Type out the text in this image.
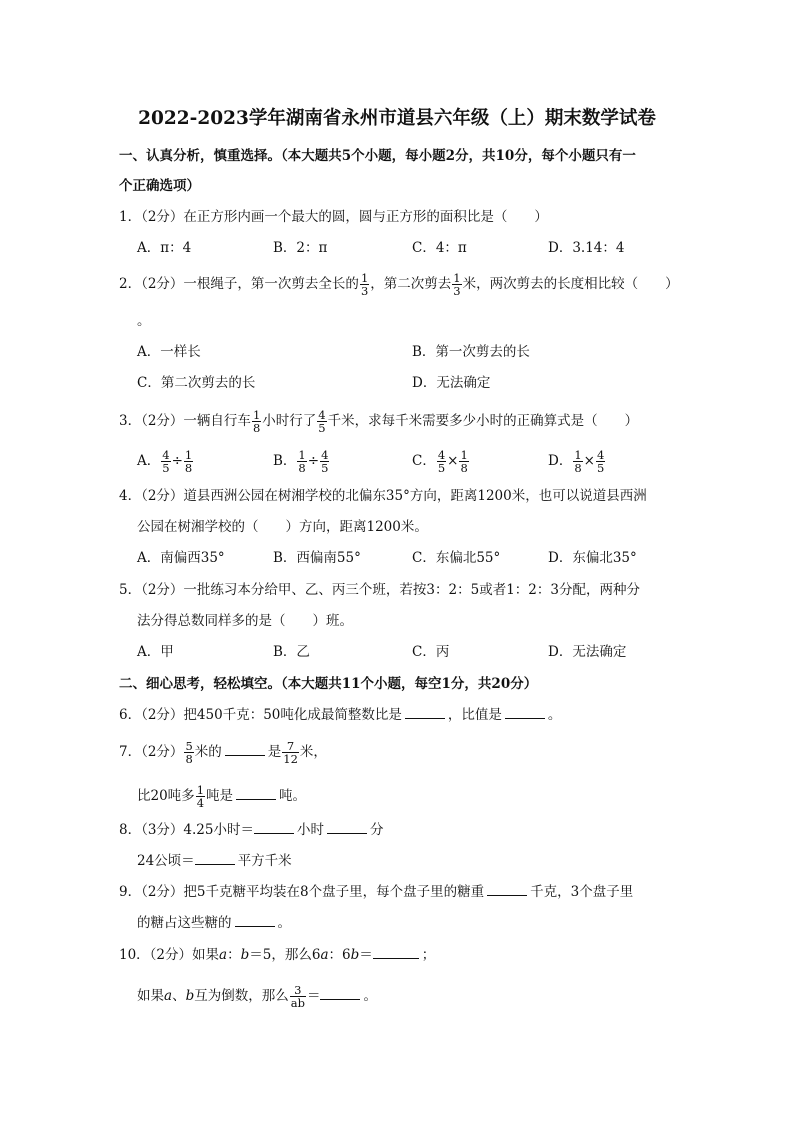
2022-2023学年湖南省永州市道县六年级（上）期末数学试卷
一、认真分析，慎重选择。（本大题共5个小题，每小题2分，共10分，每个小题只有一
个正确选项）
1．（2分）在正方形内画一个最大的圆，圆与正方形的面积比是（　　）
A．π：4	B．2：π	C．4：π	D．3.14：4
2．（2分）一根绳子，第一次剪去全长的 $\frac{1}{3}$ ，第二次剪去 $\frac{1}{3}$ 米，两次剪去的长度相比较（　　）
。
A．一样长	B．第一次剪去的长
C．第二次剪去的长	D．无法确定
3．（2分）一辆自行车 $\frac{1}{8}$ 小时行了 $\frac{4}{5}$ 千米，求每千米需要多少小时的正确算式是（　　）
A． $\frac{4}{5} \div \frac{1}{8}$	B． $\frac{1}{8} \div \frac{4}{5}$	C． $\frac{4}{5} \times \frac{1}{8}$	D． $\frac{1}{8} \times \frac{4}{5}$
4．（2分）道县西洲公园在树湘学校的北偏东35°方向，距离1200米，也可以说道县西洲
公园在树湘学校的（　　）方向，距离1200米。
A．南偏西35°	B．西偏南55°	C．东偏北55°	D．东偏北35°
5．（2分）一批练习本分给甲、乙、丙三个班，若按3：2：5或者1：2：3分配，两种分
法分得总数同样多的是（　　）班。
A．甲	B．乙	C．丙	D．无法确定
二、细心思考，轻松填空。（本大题共11个小题，每空1分，共20分）
6．（2分）把450千克：50吨化成最简整数比是	，比值是	。
7．（2分） $\frac{5}{8}$ 米的	是 $\frac{7}{12}$ 米，
比20吨多 $\frac{1}{4}$ 吨是	吨。
8．（3分）4.25小时＝	小时	分
24公顷＝	平方千米
9．（2分）把5千克糖平均装在8个盘子里，每个盘子里的糖重	千克，3个盘子里
的糖占这些糖的	。
10．（2分）如果a：b＝5，那么6a：6b＝	；
如果a、b互为倒数，那么 $\frac{3}{ab}$ ＝	。
